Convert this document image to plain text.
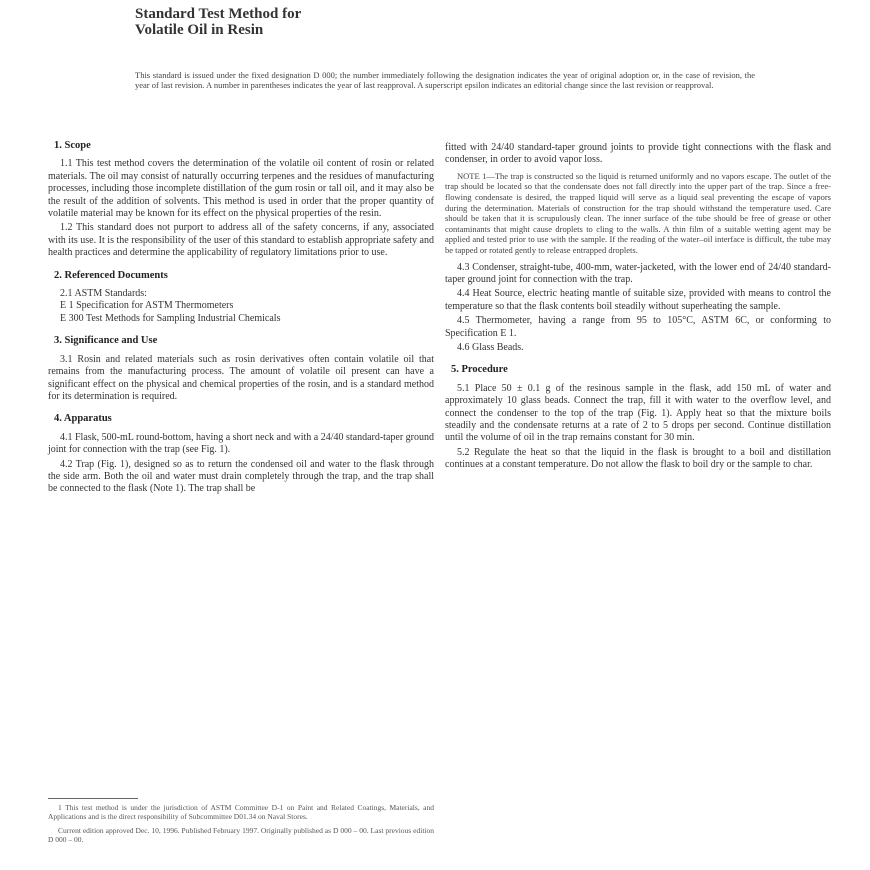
Standard Test Method for
Volatile Oil in Resin
This standard is issued under the fixed designation D 000; the number immediately following the designation indicates the year of original adoption or, in the case of revision, the year of last revision. A number in parentheses indicates the year of last reapproval. A superscript epsilon indicates an editorial change since the last revision or reapproval.
1. Scope

1.1 This test method covers the determination of the volatile oil content of rosin or related materials. The oil may consist of naturally occurring terpenes and the residues of manufacturing processes, including those incomplete distillation of the gum rosin or tall oil, and it may also be the result of the addition of solvents. This method is used in order that the proper quantity of volatile material may be known for its effect on the physical properties of the resin.

1.2 This standard does not purport to address all of the safety concerns, if any, associated with its use. It is the responsibility of the user of this standard to establish appropriate safety and health practices and determine the applicability of regulatory limitations prior to use.

2. Referenced Documents

2.1 ASTM Standards:

E 1 Specification for ASTM Thermometers

E 300 Test Methods for Sampling Industrial Chemicals

3. Significance and Use

3.1 Rosin and related materials such as rosin derivatives often contain volatile oil that remains from the manufacturing process. The amount of volatile oil present can have a significant effect on the physical and chemical properties of the rosin, and is a standard method for its determination is required.

4. Apparatus

4.1 Flask, 500-mL round-bottom, having a short neck and with a 24/40 standard-taper ground joint for connection with the trap (see Fig. 1).

4.2 Trap (Fig. 1), designed so as to return the condensed oil and water to the flask through the side arm. Both the oil and water must drain completely through the trap, and the trap shall be connected to the flask (Note 1). The trap shall be

1 This test method is under the jurisdiction of ASTM Committee D-1 on Paint and Related Coatings, Materials, and Applications and is the direct responsibility of Subcommittee D01.34 on Naval Stores.

Current edition approved Dec. 10, 1996. Published February 1997. Originally published as D 000 – 00. Last previous edition D 000 – 00.

fitted with 24/40 standard-taper ground joints to provide tight connections with the flask and condenser, in order to avoid vapor loss.

NOTE 1—The trap is constructed so the liquid is returned uniformly and no vapors escape. The outlet of the trap should be located so that the condensate does not fall directly into the upper part of the trap. Since a free-flowing condensate is desired, the trapped liquid will serve as a liquid seal preventing the escape of vapors during the determination. Materials of construction for the trap should withstand the temperature used. Care should be taken that it is scrupulously clean. The inner surface of the tube should be free of grease or other contaminants that might cause droplets to cling to the walls. A thin film of a suitable wetting agent may be applied and tested prior to use with the sample. If the reading of the water–oil interface is difficult, the tube may be tapped or rotated gently to release entrapped droplets.

4.3 Condenser, straight-tube, 400-mm, water-jacketed, with the lower end of 24/40 standard-taper ground joint for connection with the trap.

4.4 Heat Source, electric heating mantle of suitable size, provided with means to control the temperature so that the flask contents boil steadily without superheating the sample.

4.5 Thermometer, having a range from 95 to 105°C, ASTM 6C, or conforming to Specification E 1.

4.6 Glass Beads.

5. Procedure

5.1 Place 50 ± 0.1 g of the resinous sample in the flask, add 150 mL of water and approximately 10 glass beads. Connect the trap, fill it with water to the overflow level, and connect the condenser to the top of the trap (Fig. 1). Apply heat so that the mixture boils steadily and the condensate returns at a rate of 2 to 5 drops per second. Continue distillation until the volume of oil in the trap remains constant for 30 min.

5.2 Regulate the heat so that the liquid in the flask is brought to a boil and distillation continues at a constant temperature. Do not allow the flask to boil dry or the sample to char.
